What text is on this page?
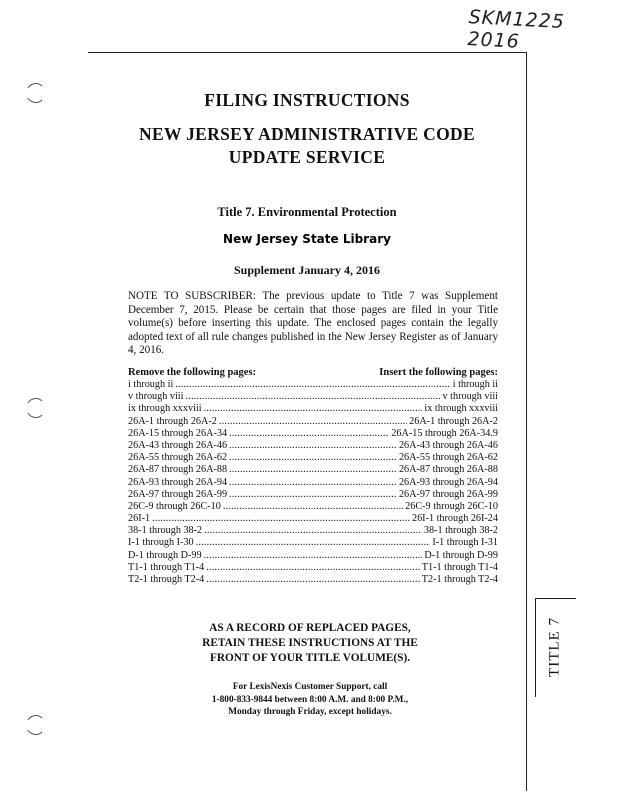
SKM1225 2016
FILING INSTRUCTIONS
NEW JERSEY ADMINISTRATIVE CODE
UPDATE SERVICE
Title 7. Environmental Protection
New Jersey State Library
Supplement January 4, 2016
NOTE TO SUBSCRIBER: The previous update to Title 7 was Supplement December 7, 2015. Please be certain that those pages are filed in your Title volume(s) before inserting this update. The enclosed pages contain the legally adopted text of all rule changes published in the New Jersey Register as of January 4, 2016.
Remove the following pages:	Insert the following pages:
i through ii .....	i through ii
v through viii .....	v through viii
ix through xxxviii .....	ix through xxxviii
26A-1 through 26A-2 .....	26A-1 through 26A-2
26A-15 through 26A-34 .....	26A-15 through 26A-34.9
26A-43 through 26A-46 .....	26A-43 through 26A-46
26A-55 through 26A-62 .....	26A-55 through 26A-62
26A-87 through 26A-88 .....	26A-87 through 26A-88
26A-93 through 26A-94 .....	26A-93 through 26A-94
26A-97 through 26A-99 .....	26A-97 through 26A-99
26C-9 through 26C-10 .....	26C-9 through 26C-10
26I-1 .....	26I-1 through 26I-24
38-1 through 38-2 .....	38-1 through 38-2
I-1 through I-30 .....	I-1 through I-31
D-1 through D-99 .....	D-1 through D-99
T1-1 through T1-4 .....	T1-1 through T1-4
T2-1 through T2-4 .....	T2-1 through T2-4
AS A RECORD OF REPLACED PAGES,
RETAIN THESE INSTRUCTIONS AT THE
FRONT OF YOUR TITLE VOLUME(S).
For LexisNexis Customer Support, call
1-800-833-9844 between 8:00 A.M. and 8:00 P.M.,
Monday through Friday, except holidays.
TITLE 7
